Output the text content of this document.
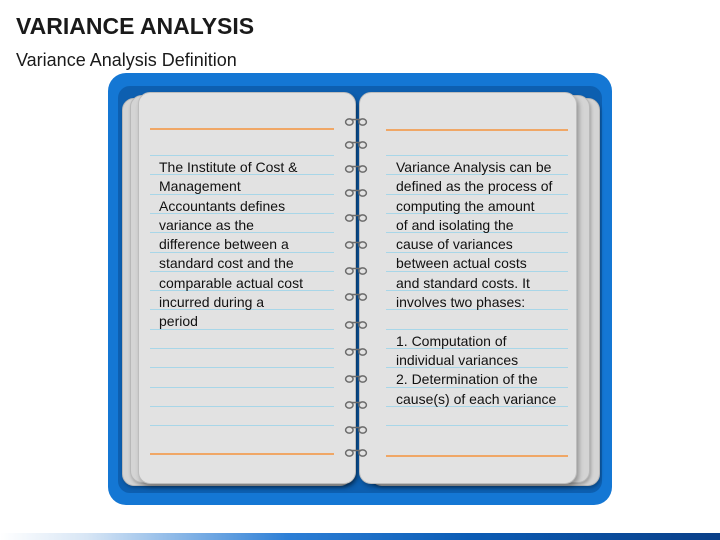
VARIANCE ANALYSIS
Variance Analysis Definition
The Institute of Cost &
Management
Accountants defines
variance as the
difference between a
standard cost and the
comparable actual cost
incurred during a
period
Variance Analysis can be
defined as the process of
computing the amount
of and isolating the
cause of variances
between actual costs
and standard costs. It
involves two phases:
1. Computation of
individual variances
2. Determination of the
cause(s) of each variance
